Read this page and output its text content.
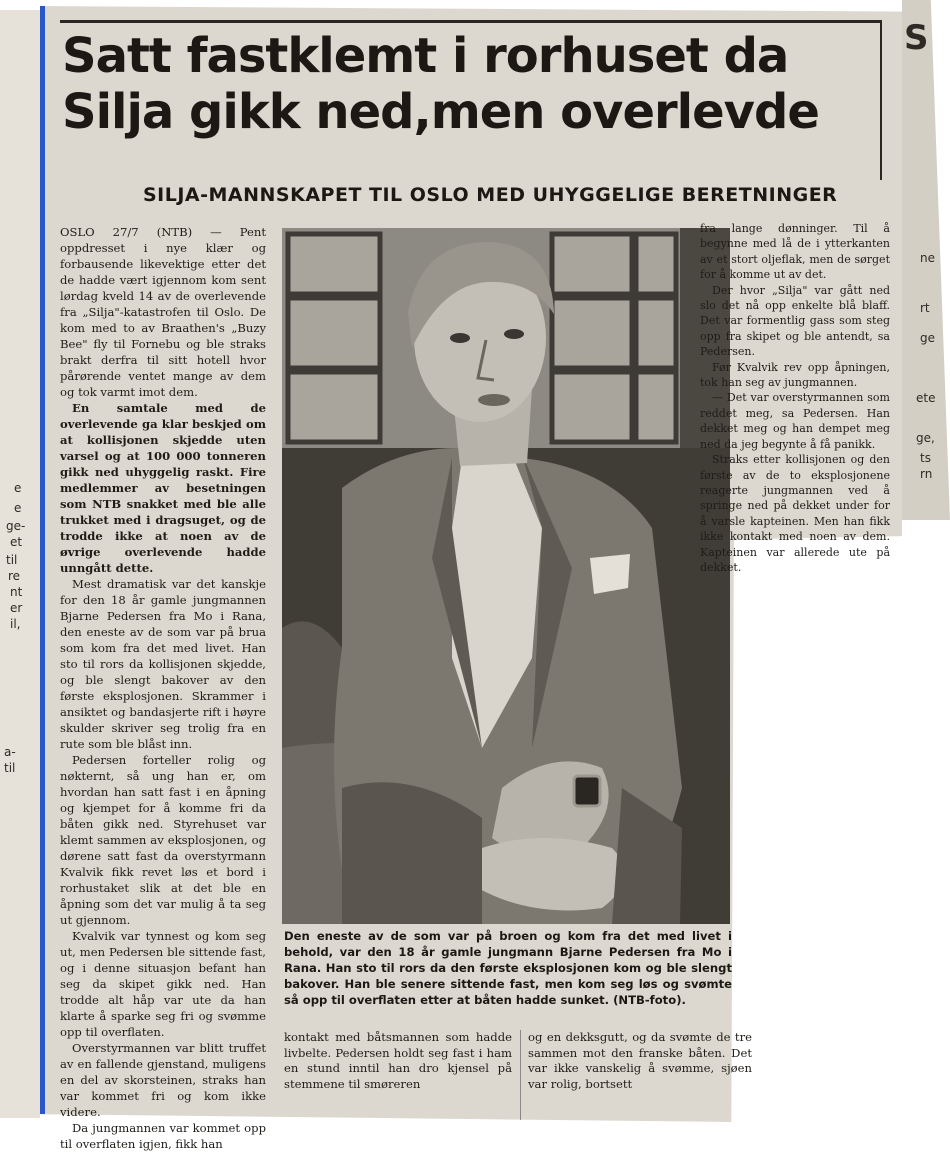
e
e
ge-
et
til
re
nt
er
il,
a-
til
S
ne
rt
ge
ete
ge,
ts
rn
Satt fastklemt i rorhuset da
Silja gikk ned,men overlevde
SILJA-MANNSKAPET TIL OSLO MED UHYGGELIGE BERETNINGER

OSLO 27/7 (NTB) — Pent oppdresset i nye klær og forbausende likevektige etter det de hadde vært igjennom kom sent lørdag kveld 14 av de overlevende fra „Silja"-katastrofen til Oslo. De kom med to av Braathen's „Buzy Bee" fly til Fornebu og ble straks brakt derfra til sitt hotell hvor pårørende ventet mange av dem og tok varmt imot dem.

En samtale med de overlevende ga klar beskjed om at kollisjonen skjedde uten varsel og at 100 000 tonneren gikk ned uhyggelig raskt. Fire medlemmer av besetningen som NTB snakket med ble alle trukket med i dragsuget, og de trodde ikke at noen av de øvrige overlevende hadde unngått dette.

Mest dramatisk var det kanskje for den 18 år gamle jungmannen Bjarne Pedersen fra Mo i Rana, den eneste av de som var på brua som kom fra det med livet. Han sto til rors da kollisjonen skjedde, og ble slengt bakover av den første eksplosjonen. Skrammer i ansiktet og bandasjerte rift i høyre skulder skriver seg trolig fra en rute som ble blåst inn.

Pedersen forteller rolig og nøkternt, så ung han er, om hvordan han satt fast i en åpning og kjempet for å komme fri da båten gikk ned. Styrehuset var klemt sammen av eksplosjonen, og dørene satt fast da overstyrmann Kvalvik fikk revet løs et bord i rorhustaket slik at det ble en åpning som det var mulig å ta seg ut gjennom.

Kvalvik var tynnest og kom seg ut, men Pedersen ble sittende fast, og i denne situasjon befant han seg da skipet gikk ned. Han trodde alt håp var ute da han klarte å sparke seg fri og svømme opp til overflaten.

Overstyrmannen var blitt truffet av en fallende gjenstand, muligens en del av skorsteinen, straks han var kommet fri og kom ikke videre.

Da jungmannen var kommet opp til overflaten igjen, fikk han

Den eneste av de som var på broen og kom fra det med livet i behold, var den 18 år gamle jungmann Bjarne Pedersen fra Mo i Rana. Han sto til rors da den første eksplosjonen kom og ble slengt bakover. Han ble senere sittende fast, men kom seg løs og svømte så opp til overflaten etter at båten hadde sunket. (NTB-foto).

fra lange dønninger. Til å begynne med lå de i ytterkanten av et stort oljeflak, men de sørget for å komme ut av det.

Der hvor „Silja" var gått ned slo det nå opp enkelte blå blaff. Det var formentlig gass som steg opp fra skipet og ble antendt, sa Pedersen.

Før Kvalvik rev opp åpningen, tok han seg av jungmannen.

— Det var overstyrmannen som reddet meg, sa Pedersen. Han dekket meg og han dempet meg ned da jeg begynte å få panikk.

Straks etter kollisjonen og den første av de to eksplosjonene reagerte jungmannen ved å springe ned på dekket under for å varsle kapteinen. Men han fikk ikke kontakt med noen av dem. Kapteinen var allerede ute på dekket.

kontakt med båtsmannen som hadde livbelte. Pedersen holdt seg fast i ham en stund inntil han dro kjensel på stemmene til smøreren

og en dekksgutt, og da svømte de tre sammen mot den franske båten. Det var ikke vanskelig å svømme, sjøen var rolig, bortsett
